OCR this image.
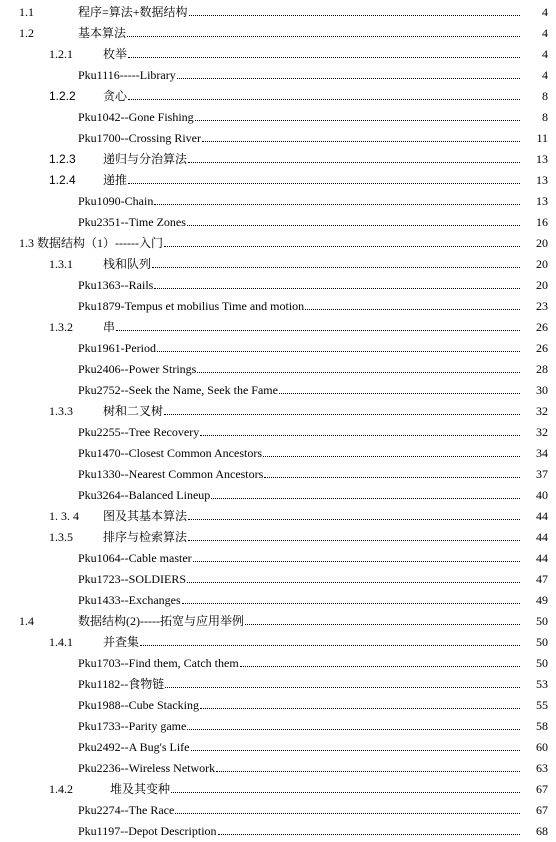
1.1	程序=算法+数据结构	4
1.2	基本算法	4
1.2.1	枚举	4
Pku1116-----Library	4
1.2.2 贪心	8
Pku1042--Gone Fishing	8
Pku1700--Crossing River	11
1.2.3 递归与分治算法	13
1.2.4 递推	13
Pku1090-Chain	13
Pku2351--Time Zones	16
1.3 数据结构（1）------入门	20
1.3.1	栈和队列	20
Pku1363--Rails	20
Pku1879-Tempus et mobilius Time and motion	23
1.3.2	串	26
Pku1961-Period	26
Pku2406--Power Strings	28
Pku2752--Seek the Name, Seek the Fame	30
1.3.3	树和二叉树	32
Pku2255--Tree Recovery	32
Pku1470--Closest Common Ancestors	34
Pku1330--Nearest Common Ancestors	37
Pku3264--Balanced Lineup	40
1. 3. 4 图及其基本算法	44
1.3.5	排序与检索算法	44
Pku1064--Cable master	44
Pku1723--SOLDIERS	47
Pku1433--Exchanges	49
1.4	数据结构(2)-----拓宽与应用举例	50
1.4.1	并查集	50
Pku1703--Find them, Catch them	50
Pku1182--食物链	53
Pku1988--Cube Stacking	55
Pku1733--Parity game	58
Pku2492--A Bug's Life	60
Pku2236--Wireless Network	63
1.4.2	堆及其变种	67
Pku2274--The Race	67
Pku1197--Depot Description	68
